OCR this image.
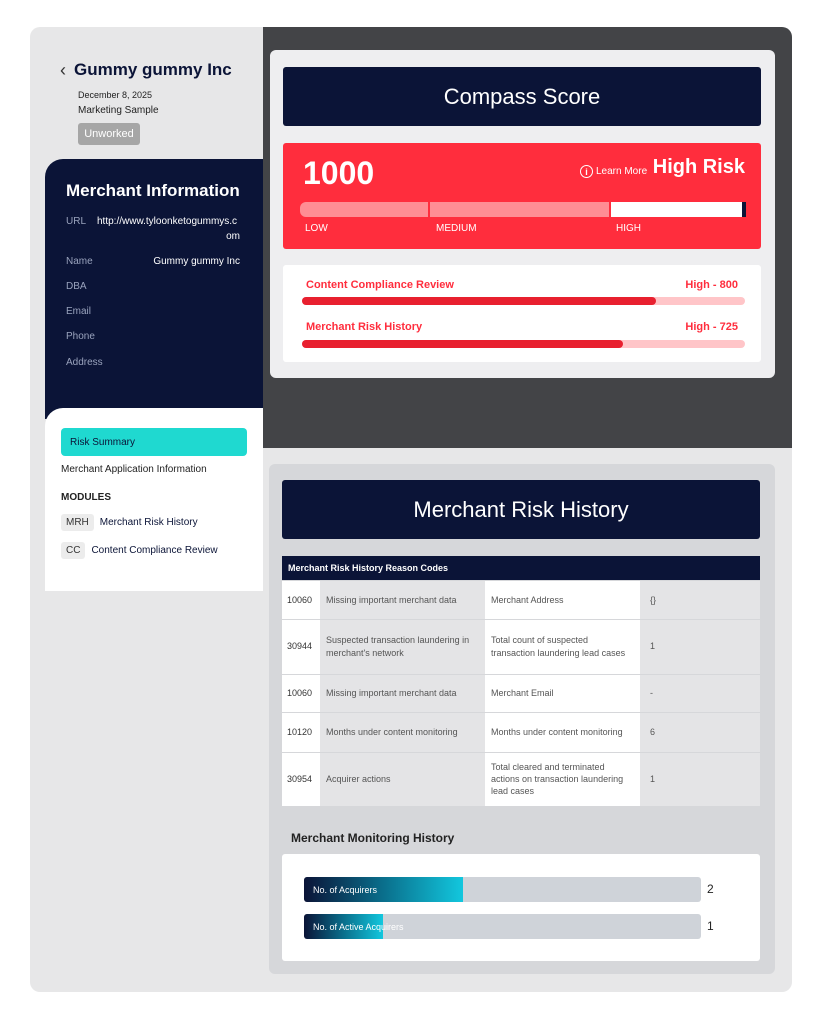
‹ Gummy gummy Inc
December 8, 2025
Marketing Sample
Unworked
Merchant Information
URL http://www.tyloonketogummys.c
om
Name	Gummy gummy Inc
DBA
Email
Phone
Address
Risk Summary
Merchant Application Information
MODULES
MRH	Merchant Risk History
CC	Content Compliance Review
Compass Score
1000	i Learn More High Risk
LOW	MEDIUM	HIGH
Content Compliance Review	High - 800
Merchant Risk History	High - 725
Merchant Risk History
Merchant Risk History Reason Codes
10060	Missing important merchant data	Merchant Address	{}
30944	Suspected transaction laundering in merchant's network	Total count of suspected transaction laundering lead cases	1
10060	Missing important merchant data	Merchant Email	-
10120	Months under content monitoring	Months under content monitoring	6
30954	Acquirer actions	Total cleared and terminated actions on transaction laundering lead cases	1
Merchant Monitoring History
No. of Acquirers	2
No. of Active Acquirers	1
